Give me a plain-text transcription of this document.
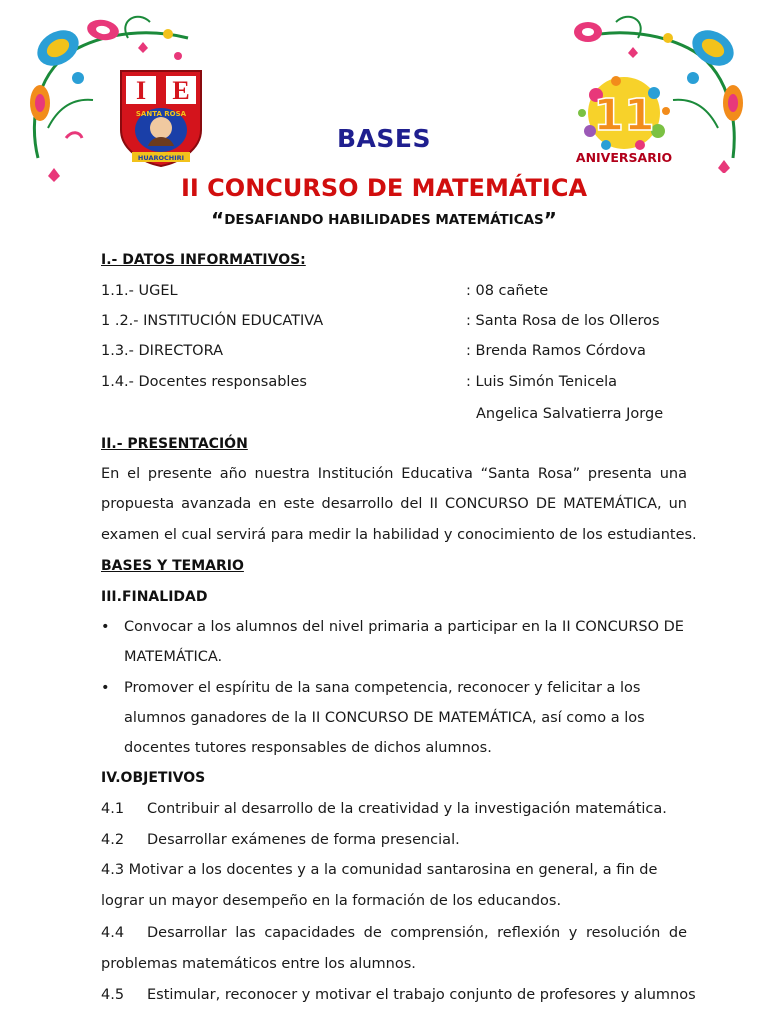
I E
SANTA ROSA
HUAROCHIRI
11
ANIVERSARIO
BASES
II CONCURSO DE MATEMÁTICA
“DESAFIANDO HABILIDADES MATEMÁTICAS”
I.- DATOS INFORMATIVOS:
1.1.- UGEL	: 08 cañete
1 .2.- INSTITUCIÓN EDUCATIVA	: Santa Rosa de los Olleros
1.3.- DIRECTORA	: Brenda Ramos Córdova
1.4.- Docentes responsables	: Luis Simón Tenicela
Angelica Salvatierra Jorge
II.- PRESENTACIÓN
En el presente año nuestra Institución Educativa “Santa Rosa” presenta una
propuesta avanzada en este desarrollo del II CONCURSO DE MATEMÁTICA, un
examen el cual servirá para medir la habilidad y conocimiento de los estudiantes.
BASES Y TEMARIO
III.FINALIDAD
• Convocar a los alumnos del nivel primaria a participar en la II CONCURSO DE
MATEMÁTICA.
• Promover el espíritu de la sana competencia, reconocer y felicitar a los
alumnos ganadores de la II CONCURSO DE MATEMÁTICA, así como a los
docentes tutores responsables de dichos alumnos.
IV.OBJETIVOS
4.1 Contribuir al desarrollo de la creatividad y la investigación matemática.
4.2 Desarrollar exámenes de forma presencial.
4.3 Motivar a los docentes y a la comunidad santarosina en general, a fin de
lograr un mayor desempeño en la formación de los educandos.
4.4 Desarrollar las capacidades de comprensión, reflexión y resolución de
problemas matemáticos entre los alumnos.
4.5 Estimular, reconocer y motivar el trabajo conjunto de profesores y alumnos
